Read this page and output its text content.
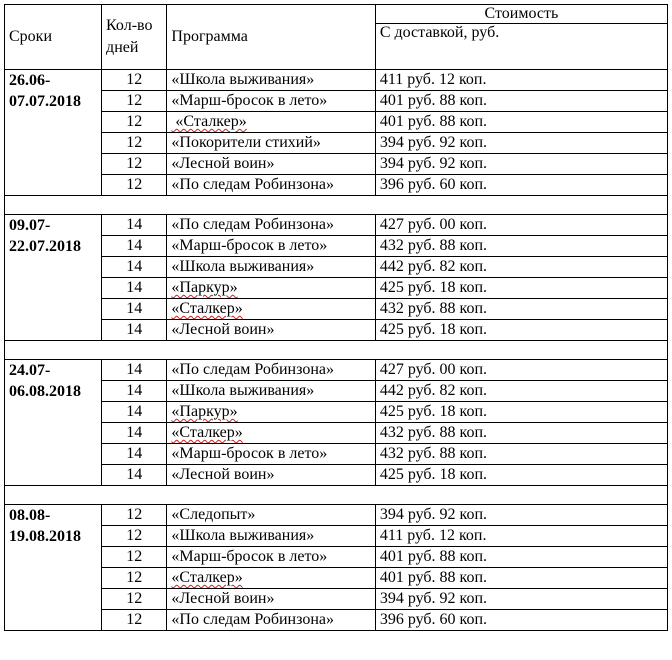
Сроки	Кол-во дней	Программа	Стоимость
			С доставкой, руб.

26.06-
07.07.2018	12	«Школа выживания»	411 руб. 12 коп.
	12	«Марш-бросок в лето»	401 руб. 88 коп.
	12	«Сталкер»	401 руб. 88 коп.
	12	«Покорители стихий»	394 руб. 92 коп.
	12	«Лесной воин»	394 руб. 92 коп.
	12	«По следам Робинзона»	396 руб. 60 коп.

09.07-
22.07.2018	14	«По следам Робинзона»	427 руб. 00 коп.
	14	«Марш-бросок в лето»	432 руб. 88 коп.
	14	«Школа выживания»	442 руб. 82 коп.
	14	«Паркур»	425 руб. 18 коп.
	14	«Сталкер»	432 руб. 88 коп.
	14	«Лесной воин»	425 руб. 18 коп.

24.07-
06.08.2018	14	«По следам Робинзона»	427 руб. 00 коп.
	14	«Школа выживания»	442 руб. 82 коп.
	14	«Паркур»	425 руб. 18 коп.
	14	«Сталкер»	432 руб. 88 коп.
	14	«Марш-бросок в лето»	432 руб. 88 коп.
	14	«Лесной воин»	425 руб. 18 коп.

08.08-
19.08.2018	12	«Следопыт»	394 руб. 92 коп.
	12	«Школа выживания»	411 руб. 12 коп.
	12	«Марш-бросок в лето»	401 руб. 88 коп.
	12	«Сталкер»	401 руб. 88 коп.
	12	«Лесной воин»	394 руб. 92 коп.
	12	«По следам Робинзона»	396 руб. 60 коп.
